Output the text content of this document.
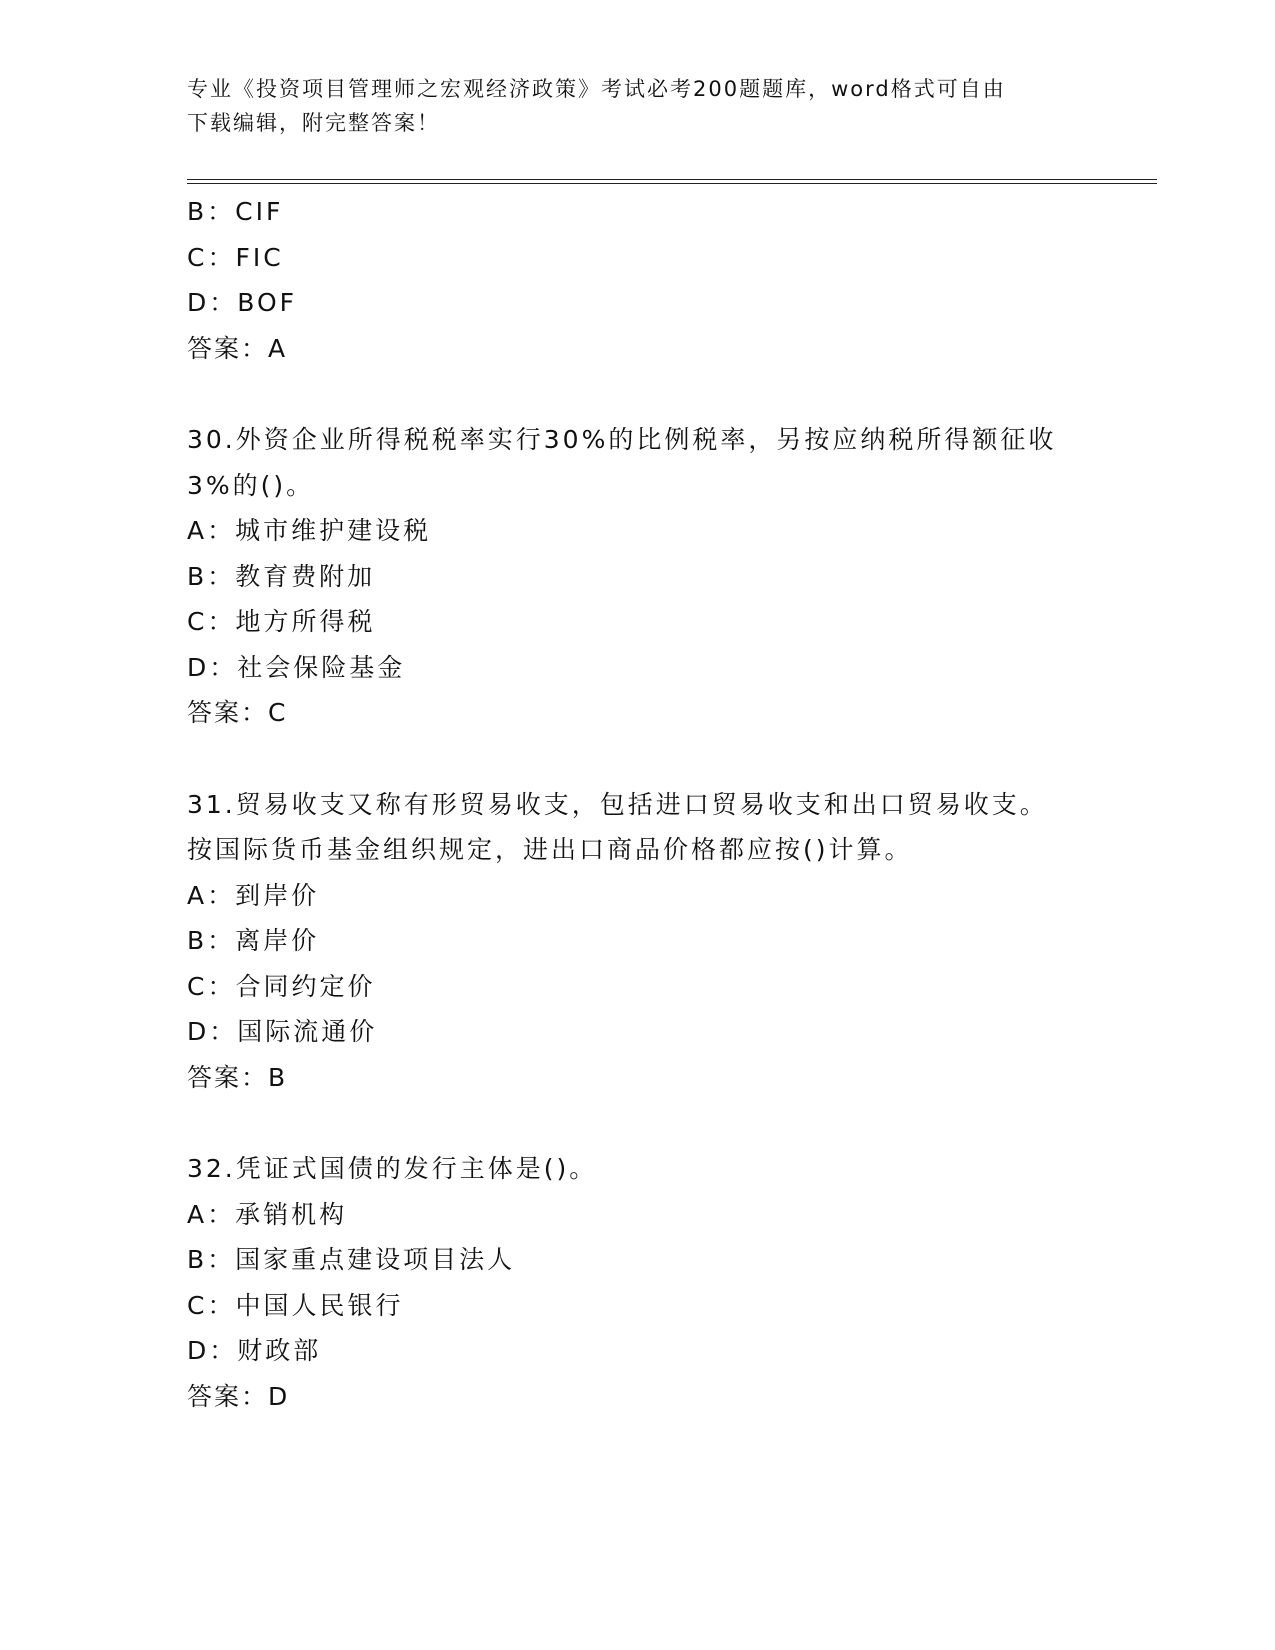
专业《投资项目管理师之宏观经济政策》考试必考200题题库，word格式可自由
下载编辑，附完整答案！
B：CIF
C：FIC
D：BOF
答案：A
30.外资企业所得税税率实行30%的比例税率，另按应纳税所得额征收
3%的()。
A：城市维护建设税
B：教育费附加
C：地方所得税
D：社会保险基金
答案：C
31.贸易收支又称有形贸易收支，包括进口贸易收支和出口贸易收支。
按国际货币基金组织规定，进出口商品价格都应按()计算。
A：到岸价
B：离岸价
C：合同约定价
D：国际流通价
答案：B
32.凭证式国债的发行主体是()。
A：承销机构
B：国家重点建设项目法人
C：中国人民银行
D：财政部
答案：D
